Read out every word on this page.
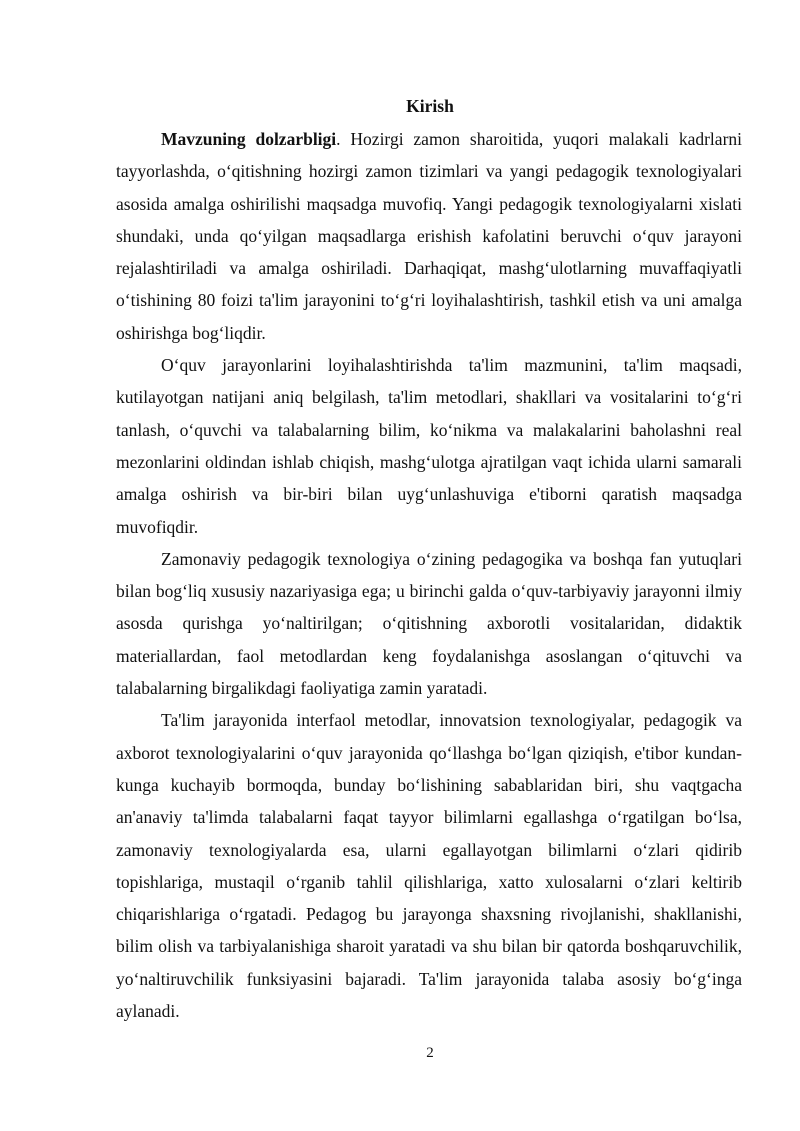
Kirish

Mavzuning dolzarbligi. Hozirgi zamon sharoitida, yuqori malakali kadrlarni tayyorlashda, oʻqitishning hozirgi zamon tizimlari va yangi pedagogik texnologiyalari asosida amalga oshirilishi maqsadga muvofiq. Yangi pedagogik texnologiyalarni xislati shundaki, unda qoʻyilgan maqsadlarga erishish kafolatini beruvchi oʻquv jarayoni rejalashtiriladi va amalga oshiriladi. Darhaqiqat, mashgʻulotlarning muvaffaqiyatli oʻtishining 80 foizi ta'lim jarayonini toʻgʻri loyihalashtirish, tashkil etish va uni amalga oshirishga bogʻliqdir.

Oʻquv jarayonlarini loyihalashtirishda ta'lim mazmunini, ta'lim maqsadi, kutilayotgan natijani aniq belgilash, ta'lim metodlari, shakllari va vositalarini toʻgʻri tanlash, oʻquvchi va talabalarning bilim, koʻnikma va malakalarini baholashni real mezonlarini oldindan ishlab chiqish, mashgʻulotga ajratilgan vaqt ichida ularni samarali amalga oshirish va bir-biri bilan uygʻunlashuviga e'tiborni qaratish maqsadga muvofiqdir.

Zamonaviy pedagogik texnologiya oʻzining pedagogika va boshqa fan yutuqlari bilan bogʻliq xususiy nazariyasiga ega; u birinchi galda oʻquv-tarbiyaviy jarayonni ilmiy asosda qurishga yoʻnaltirilgan; oʻqitishning axborotli vositalaridan, didaktik materiallardan, faol metodlardan keng foydalanishga asoslangan oʻqituvchi va talabalarning birgalikdagi faoliyatiga zamin yaratadi.

Ta'lim jarayonida interfaol metodlar, innovatsion texnologiyalar, pedagogik va axborot texnologiyalarini oʻquv jarayonida qoʻllashga boʻlgan qiziqish, e'tibor kundan-kunga kuchayib bormoqda, bunday boʻlishining sabablaridan biri, shu vaqtgacha an'anaviy ta'limda talabalarni faqat tayyor bilimlarni egallashga oʻrgatilgan boʻlsa, zamonaviy texnologiyalarda esa, ularni egallayotgan bilimlarni oʻzlari qidirib topishlariga, mustaqil oʻrganib tahlil qilishlariga, xatto xulosalarni oʻzlari keltirib chiqarishlariga oʻrgatadi. Pedagog bu jarayonga shaxsning rivojlanishi, shakllanishi, bilim olish va tarbiyalanishiga sharoit yaratadi va shu bilan bir qatorda boshqaruvchilik, yoʻnaltiruvchilik funksiyasini bajaradi. Ta'lim jarayonida talaba asosiy boʻgʻinga aylanadi.

2
